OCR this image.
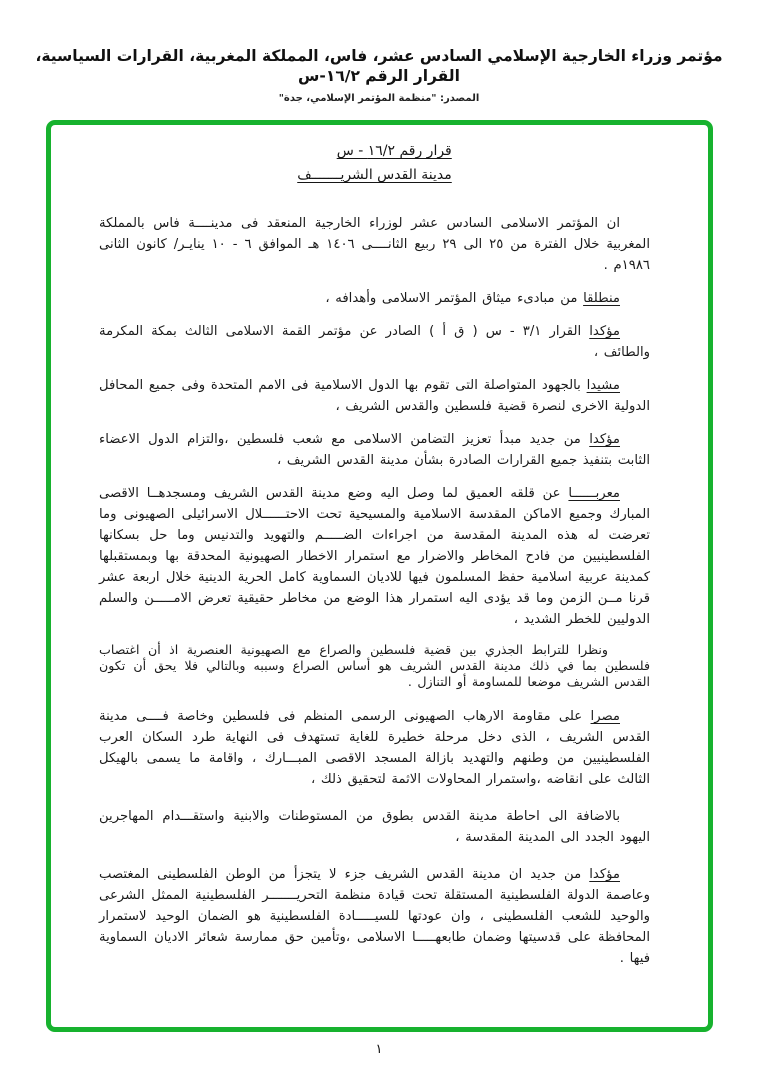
مؤتمر وزراء الخارجية الإسلامي السادس عشر، فاس، المملكة المغربية، القرارات السياسية، القرار الرقم ١٦/٢-س
المصدر: "منظمة المؤتمر الإسلامي، جدة"
قرار رقم ١٦/٢ - س
مدينة القدس الشريـــــــف

ان المؤتمر الاسلامى السادس عشر لوزراء الخارجية المنعقد فى مدينــــة فاس بالمملكة المغربية خلال الفترة من ٢٥ الى ٢٩ ربيع الثانــــى ١٤٠٦ هـ الموافق ٦ - ١٠ ينايـر/ كانون الثانى ١٩٨٦م .

منطلقا من مبادىء ميثاق المؤتمر الاسلامى وأهدافه ،

مؤكدا القرار ٣/١ - س ( ق أ ) الصادر عن مؤتمر القمة الاسلامى الثالث بمكة المكرمة والطائف ،

مشيدا بالجهود المتواصلة التى تقوم بها الدول الاسلامية فى الامم المتحدة وفى جميع المحافل الدولية الاخرى لنصرة قضية فلسطين والقدس الشريف ،

مؤكدا من جديد مبدأ تعزيز التضامن الاسلامى مع شعب فلسطين ،والتزام الدول الاعضاء الثابت بتنفيذ جميع القرارات الصادرة بشأن مدينة القدس الشريف ،

معربــــــا عن قلقه العميق لما وصل اليه وضع مدينة القدس الشريف ومسجدهــا الاقصى المبارك وجميع الاماكن المقدسة الاسلامية والمسيحية تحت الاحتــــــلال الاسرائيلى الصهيونى وما تعرضت له هذه المدينة المقدسة من اجراءات الضـــــم والتهويد والتدنيس وما حل بسكانها الفلسطينيين من فادح المخاطر والاضرار مع استمرار الاخطار الصهيونية المحدقة بها وبمستقبلها كمدينة عربية اسلامية حفظ المسلمون فيها للاديان السماوية كامل الحرية الدينية خلال اربعة عشر قرنا مــن الزمن وما قد يؤدى اليه استمرار هذا الوضع من مخاطر حقيقية تعرض الامـــــن والسلم الدوليين للخطر الشديد ،

ونظرا للترابط الجذري بين قضية فلسطين والصراع مع الصهيونية العنصرية اذ أن اغتصاب فلسطين بما في ذلك مدينة القدس الشريف هو أساس الصراع وسببه وبالتالي فلا يحق أن تكون القدس الشريف موضعا للمساومة أو التنازل .

مصرا على مقاومة الارهاب الصهيونى الرسمى المنظم فى فلسطين وخاصة فــــى مدينة القدس الشريف ، الذى دخل مرحلة خطيرة للغاية تستهدف فى النهاية طرد السكان العرب الفلسطينيين من وطنهم والتهديد بازالة المسجد الاقصى المبـــارك ، واقامة ما يسمى بالهيكل الثالث على انقاضه ،واستمرار المحاولات الاثمة لتحقيق ذلك ،

بالاضافة الى احاطة مدينة القدس بطوق من المستوطنات والابنية واستقـــدام المهاجرين اليهود الجدد الى المدينة المقدسة ،

مؤكدا من جديد ان مدينة القدس الشريف جزء لا يتجزأ من الوطن الفلسطينى المغتصب وعاصمة الدولة الفلسطينية المستقلة تحت قيادة منظمة التحريـــــــر الفلسطينية الممثل الشرعى والوحيد للشعب الفلسطينى ، وان عودتها للسيـــــادة الفلسطينية هو الضمان الوحيد لاستمرار المحافظة على قدسيتها وضمان طابعهـــــا الاسلامى ،وتأمين حق ممارسة شعائر الاديان السماوية فيها .

١
